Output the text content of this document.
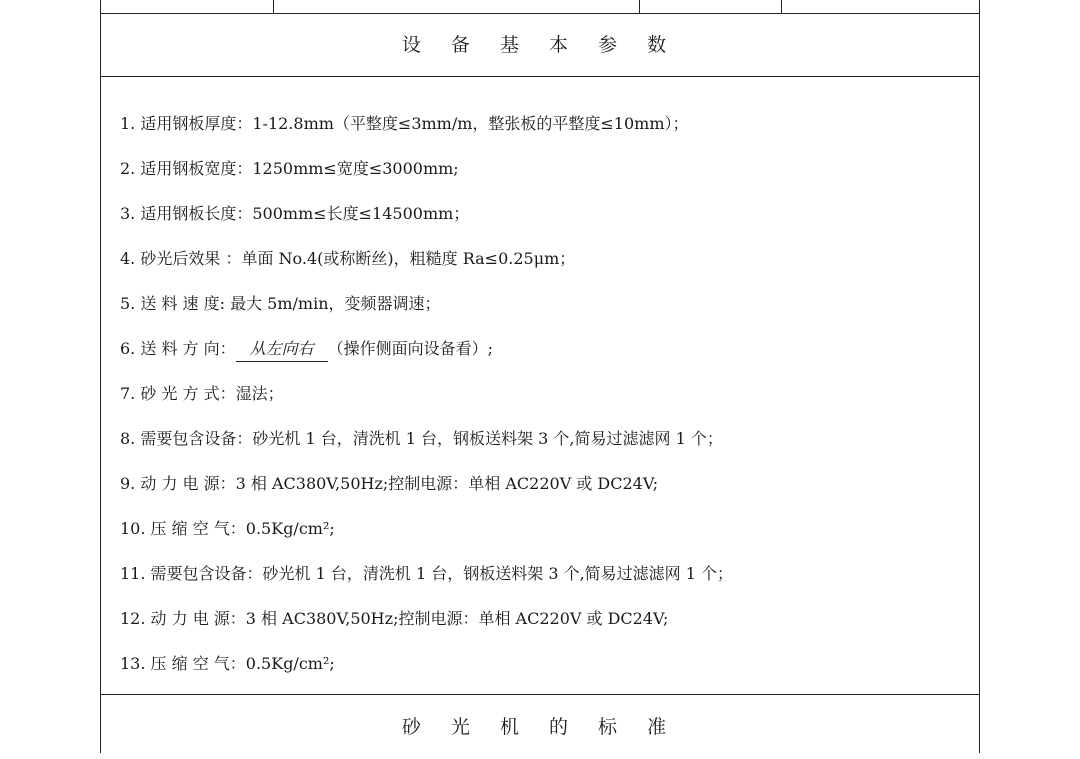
设 备 基 本 参 数
1. 适用钢板厚度：1-12.8mm（平整度≤3mm/m，整张板的平整度≤10mm）；
2. 适用钢板宽度：1250mm≤宽度≤3000mm;
3. 适用钢板长度：500mm≤长度≤14500mm；
4. 砂光后效果 ：单面 No.4(或称断丝)，粗糙度 Ra≤0.25μm；
5. 送 料 速 度: 最大 5m/min，变频器调速；
6. 送 料 方 向： 从左向右 （操作侧面向设备看）;
7. 砂 光 方 式：湿法；
8. 需要包含设备：砂光机 1 台，清洗机 1 台，钢板送料架 3 个,简易过滤滤网 1 个；
9. 动 力 电 源：3 相 AC380V,50Hz;控制电源：单相 AC220V 或 DC24V;
10. 压 缩 空 气：0.5Kg/cm²;
11. 需要包含设备：砂光机 1 台，清洗机 1 台，钢板送料架 3 个,简易过滤滤网 1 个；
12. 动 力 电 源：3 相 AC380V,50Hz;控制电源：单相 AC220V 或 DC24V;
13. 压 缩 空 气：0.5Kg/cm²;
砂 光 机 的 标 准
